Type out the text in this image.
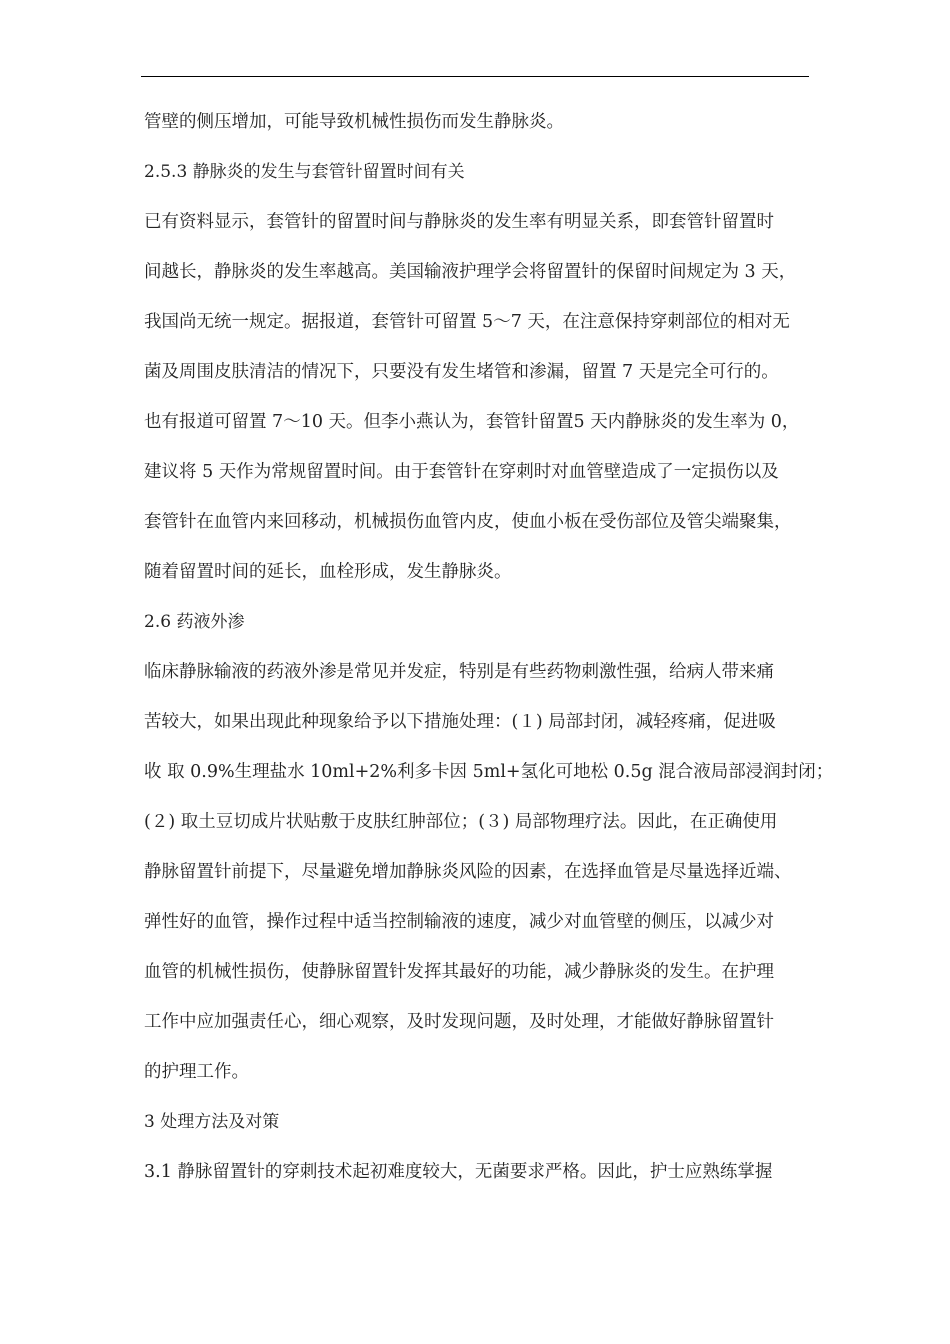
管壁的侧压增加，可能导致机械性损伤而发生静脉炎。
2.5.3 静脉炎的发生与套管针留置时间有关
已有资料显示，套管针的留置时间与静脉炎的发生率有明显关系，即套管针留置时
间越长，静脉炎的发生率越高。美国输液护理学会将留置针的保留时间规定为 3 天，
我国尚无统一规定。据报道，套管针可留置 5～7 天，在注意保持穿刺部位的相对无
菌及周围皮肤清洁的情况下，只要没有发生堵管和渗漏，留置 7 天是完全可行的。
也有报道可留置 7～10 天。但李小燕认为，套管针留置5 天内静脉炎的发生率为 0，
建议将 5 天作为常规留置时间。由于套管针在穿刺时对血管壁造成了一定损伤以及
套管针在血管内来回移动，机械损伤血管内皮，使血小板在受伤部位及管尖端聚集，
随着留置时间的延长，血栓形成，发生静脉炎。
2.6 药液外渗
临床静脉输液的药液外渗是常见并发症，特别是有些药物刺激性强，给病人带来痛
苦较大，如果出现此种现象给予以下措施处理：(１) 局部封闭，减轻疼痛，促进吸
收 取 0.9%生理盐水 10ml+2%利多卡因 5ml+氢化可地松 0.5g 混合液局部浸润封闭；
(２) 取土豆切成片状贴敷于皮肤红肿部位；(３) 局部物理疗法。因此，在正确使用
静脉留置针前提下，尽量避免增加静脉炎风险的因素，在选择血管是尽量选择近端、
弹性好的血管，操作过程中适当控制输液的速度，减少对血管壁的侧压，以减少对
血管的机械性损伤，使静脉留置针发挥其最好的功能，减少静脉炎的发生。在护理
工作中应加强责任心，细心观察，及时发现问题，及时处理，才能做好静脉留置针
的护理工作。
3 处理方法及对策
3.1 静脉留置针的穿刺技术起初难度较大，无菌要求严格。因此，护士应熟练掌握
